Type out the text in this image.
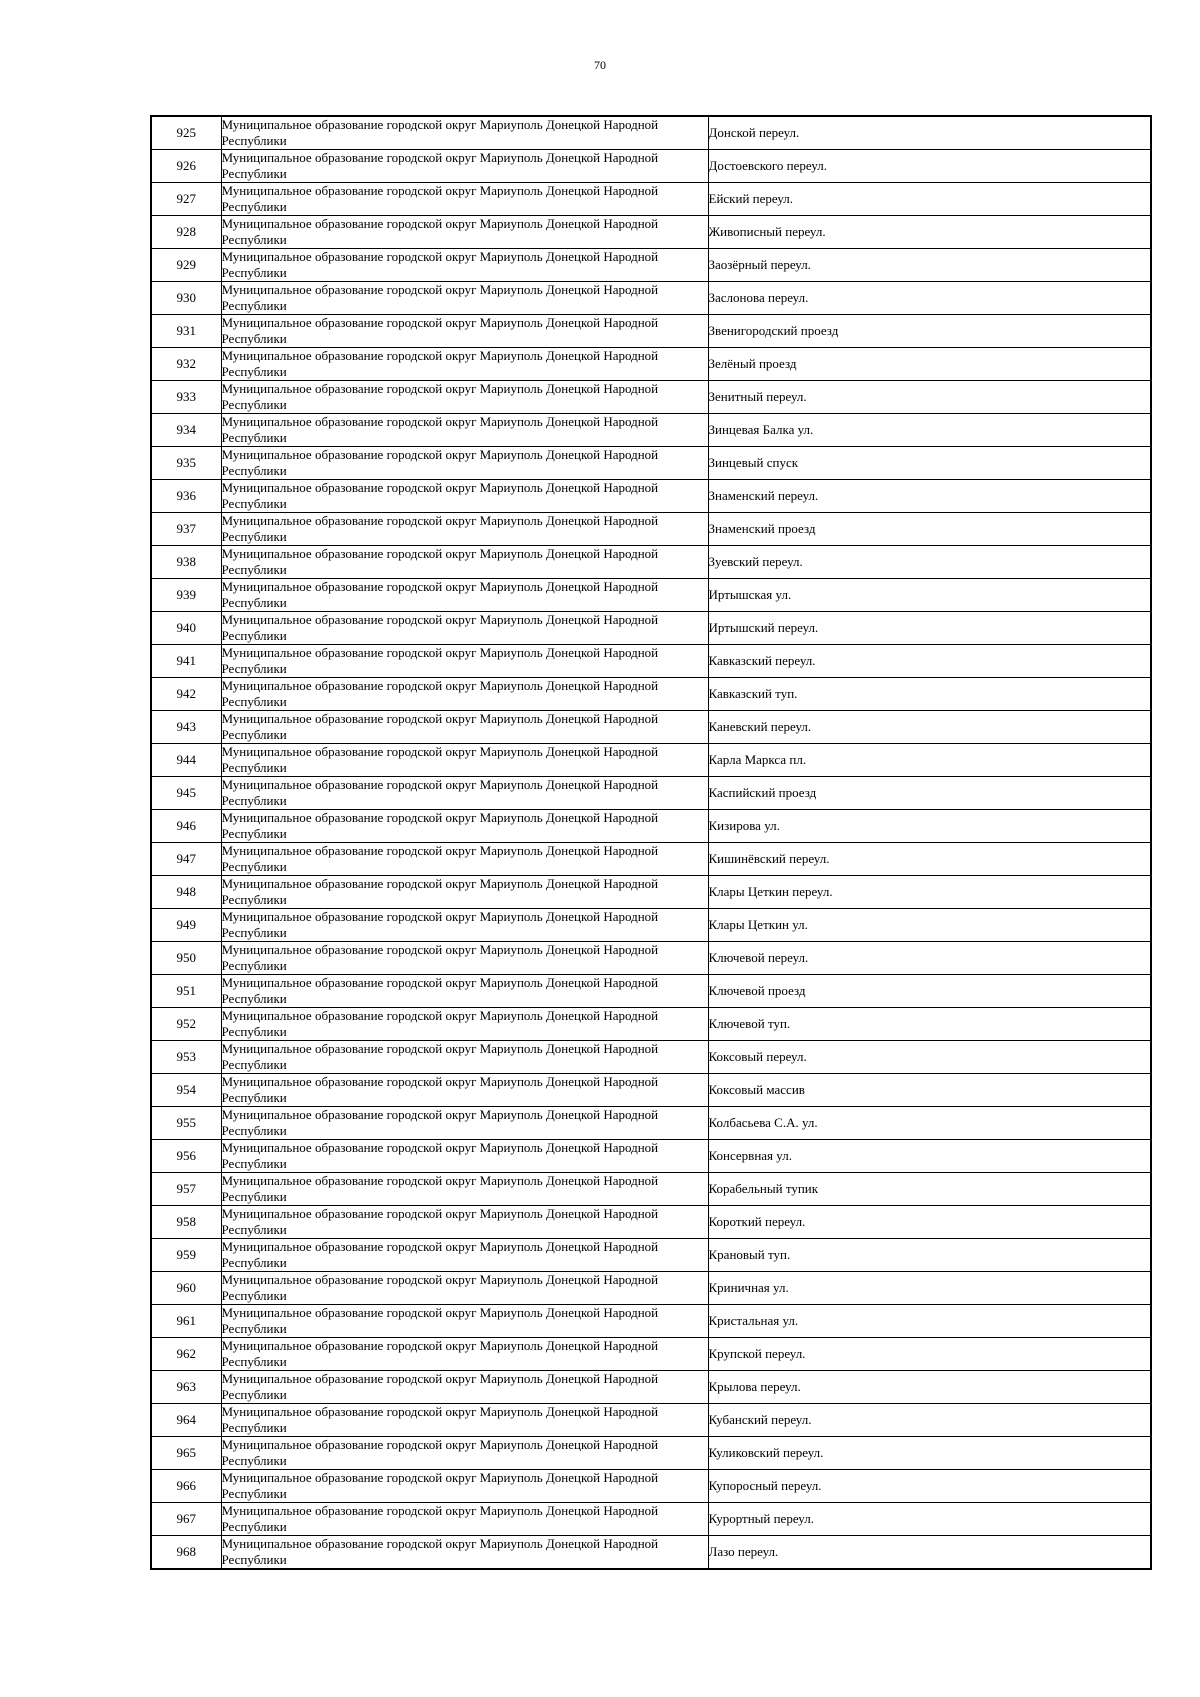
70
925	Муниципальное образование городской округ Мариуполь Донецкой Народной Республики	Донской переул.
926	Муниципальное образование городской округ Мариуполь Донецкой Народной Республики	Достоевского переул.
927	Муниципальное образование городской округ Мариуполь Донецкой Народной Республики	Ейский переул.
928	Муниципальное образование городской округ Мариуполь Донецкой Народной Республики	Живописный переул.
929	Муниципальное образование городской округ Мариуполь Донецкой Народной Республики	Заозёрный переул.
930	Муниципальное образование городской округ Мариуполь Донецкой Народной Республики	Заслонова переул.
931	Муниципальное образование городской округ Мариуполь Донецкой Народной Республики	Звенигородский проезд
932	Муниципальное образование городской округ Мариуполь Донецкой Народной Республики	Зелёный проезд
933	Муниципальное образование городской округ Мариуполь Донецкой Народной Республики	Зенитный переул.
934	Муниципальное образование городской округ Мариуполь Донецкой Народной Республики	Зинцевая Балка ул.
935	Муниципальное образование городской округ Мариуполь Донецкой Народной Республики	Зинцевый спуск
936	Муниципальное образование городской округ Мариуполь Донецкой Народной Республики	Знаменский переул.
937	Муниципальное образование городской округ Мариуполь Донецкой Народной Республики	Знаменский проезд
938	Муниципальное образование городской округ Мариуполь Донецкой Народной Республики	Зуевский переул.
939	Муниципальное образование городской округ Мариуполь Донецкой Народной Республики	Иртышская ул.
940	Муниципальное образование городской округ Мариуполь Донецкой Народной Республики	Иртышский переул.
941	Муниципальное образование городской округ Мариуполь Донецкой Народной Республики	Кавказский переул.
942	Муниципальное образование городской округ Мариуполь Донецкой Народной Республики	Кавказский туп.
943	Муниципальное образование городской округ Мариуполь Донецкой Народной Республики	Каневский переул.
944	Муниципальное образование городской округ Мариуполь Донецкой Народной Республики	Карла Маркса пл.
945	Муниципальное образование городской округ Мариуполь Донецкой Народной Республики	Каспийский проезд
946	Муниципальное образование городской округ Мариуполь Донецкой Народной Республики	Кизирова ул.
947	Муниципальное образование городской округ Мариуполь Донецкой Народной Республики	Кишинёвский переул.
948	Муниципальное образование городской округ Мариуполь Донецкой Народной Республики	Клары Цеткин переул.
949	Муниципальное образование городской округ Мариуполь Донецкой Народной Республики	Клары Цеткин ул.
950	Муниципальное образование городской округ Мариуполь Донецкой Народной Республики	Ключевой переул.
951	Муниципальное образование городской округ Мариуполь Донецкой Народной Республики	Ключевой проезд
952	Муниципальное образование городской округ Мариуполь Донецкой Народной Республики	Ключевой туп.
953	Муниципальное образование городской округ Мариуполь Донецкой Народной Республики	Коксовый переул.
954	Муниципальное образование городской округ Мариуполь Донецкой Народной Республики	Коксовый массив
955	Муниципальное образование городской округ Мариуполь Донецкой Народной Республики	Колбасьева С.А. ул.
956	Муниципальное образование городской округ Мариуполь Донецкой Народной Республики	Консервная ул.
957	Муниципальное образование городской округ Мариуполь Донецкой Народной Республики	Корабельный тупик
958	Муниципальное образование городской округ Мариуполь Донецкой Народной Республики	Короткий переул.
959	Муниципальное образование городской округ Мариуполь Донецкой Народной Республики	Крановый туп.
960	Муниципальное образование городской округ Мариуполь Донецкой Народной Республики	Криничная ул.
961	Муниципальное образование городской округ Мариуполь Донецкой Народной Республики	Кристальная ул.
962	Муниципальное образование городской округ Мариуполь Донецкой Народной Республики	Крупской переул.
963	Муниципальное образование городской округ Мариуполь Донецкой Народной Республики	Крылова переул.
964	Муниципальное образование городской округ Мариуполь Донецкой Народной Республики	Кубанский переул.
965	Муниципальное образование городской округ Мариуполь Донецкой Народной Республики	Куликовский переул.
966	Муниципальное образование городской округ Мариуполь Донецкой Народной Республики	Купоросный переул.
967	Муниципальное образование городской округ Мариуполь Донецкой Народной Республики	Курортный переул.
968	Муниципальное образование городской округ Мариуполь Донецкой Народной Республики	Лазо переул.
